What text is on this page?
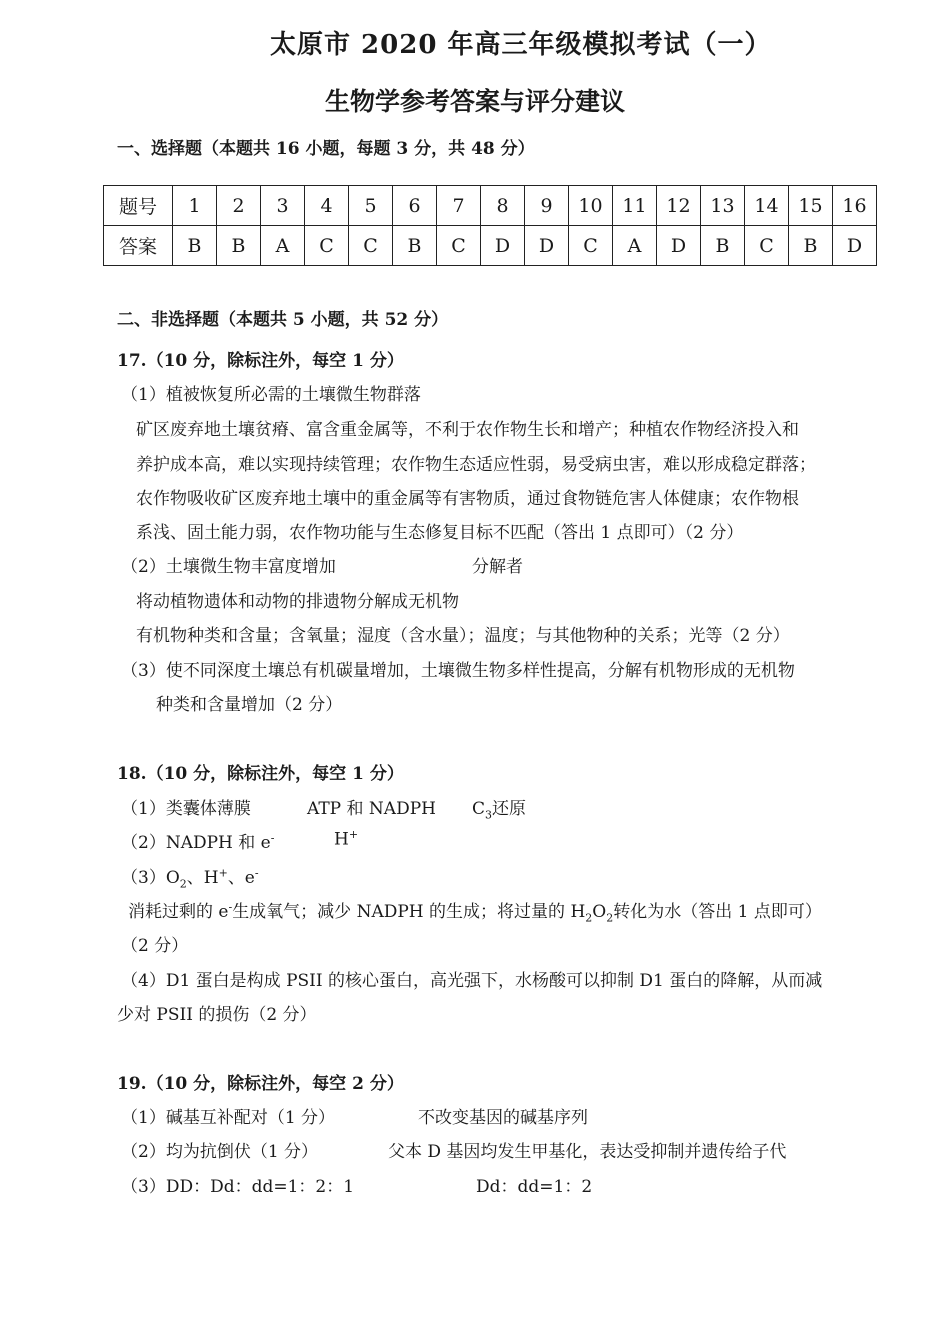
太原市 2020 年高三年级模拟考试（一）
生物学参考答案与评分建议
一、选择题（本题共 16 小题，每题 3 分，共 48 分）
题号	1	2	3	4	5	6	7	8	9	10	11	12	13	14	15	16
答案	B	B	A	C	C	B	C	D	D	C	A	D	B	C	B	D
二、非选择题（本题共 5 小题，共 52 分）
17.（10 分，除标注外，每空 1 分）
（1）植被恢复所必需的土壤微生物群落
矿区废弃地土壤贫瘠、富含重金属等，不利于农作物生长和增产；种植农作物经济投入和
养护成本高，难以实现持续管理；农作物生态适应性弱，易受病虫害，难以形成稳定群落；
农作物吸收矿区废弃地土壤中的重金属等有害物质，通过食物链危害人体健康；农作物根
系浅、固土能力弱，农作物功能与生态修复目标不匹配（答出 1 点即可）（2 分）
（2）土壤微生物丰富度增加	分解者
将动植物遗体和动物的排遗物分解成无机物
有机物种类和含量；含氧量；湿度（含水量）；温度；与其他物种的关系；光等（2 分）
（3）使不同深度土壤总有机碳量增加，土壤微生物多样性提高，分解有机物形成的无机物
种类和含量增加（2 分）
18.（10 分，除标注外，每空 1 分）
（1）类囊体薄膜	ATP 和 NADPH $C_3$还原
（2）NADPH 和 e-	H+
$(3)O_2$、H+、e-
消耗过剩的 e-生成氧气；减少 NADPH 的生成；将过量的 $H_2O_2$转化为水（答出 1 点即可）
（2 分）
（4）D1 蛋白是构成 PSII 的核心蛋白，高光强下，水杨酸可以抑制 D1 蛋白的降解，从而减
少对 PSII 的损伤（2 分）
19.（10 分，除标注外，每空 2 分）
（1）碱基互补配对（1 分）	不改变基因的碱基序列
（2）均为抗倒伏（1 分）	父本 D 基因均发生甲基化，表达受抑制并遗传给子代
（3）DD：Dd：dd=1：2：1	Dd：dd=1：2
